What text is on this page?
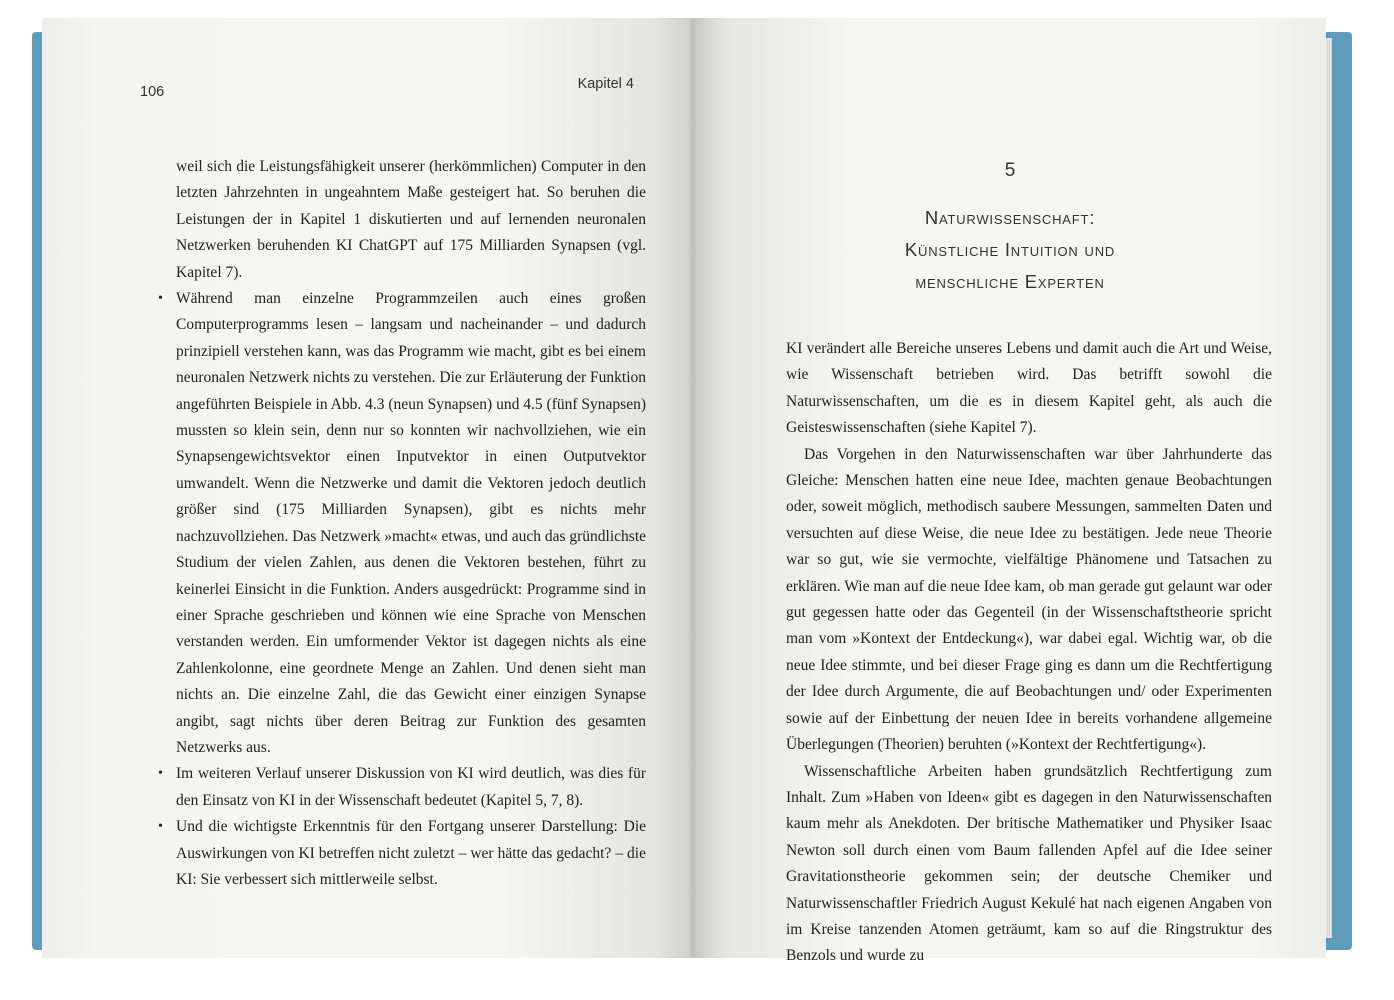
106	Kapitel 4

weil sich die Leistungsfähigkeit unserer (herkömmlichen) Computer in den letzten Jahrzehnten in ungeahntem Maße gesteigert hat. So beruhen die Leistungen der in Kapitel 1 diskutierten und auf lernenden neuronalen Netzwerken beruhenden KI ChatGPT auf 175 Milliarden Synapsen (vgl. Kapitel 7).

• Während man einzelne Programmzeilen auch eines großen Computerprogramms lesen – langsam und nacheinander – und dadurch prinzipiell verstehen kann, was das Programm wie macht, gibt es bei einem neuronalen Netzwerk nichts zu verstehen. Die zur Erläuterung der Funktion angeführten Beispiele in Abb. 4.3 (neun Synapsen) und 4.5 (fünf Synapsen) mussten so klein sein, denn nur so konnten wir nachvollziehen, wie ein Synapsengewichtsvektor einen Inputvektor in einen Outputvektor umwandelt. Wenn die Netzwerke und damit die Vektoren jedoch deutlich größer sind (175 Milliarden Synapsen), gibt es nichts mehr nachzuvollziehen. Das Netzwerk »macht« etwas, und auch das gründlichste Studium der vielen Zahlen, aus denen die Vektoren bestehen, führt zu keinerlei Einsicht in die Funktion. Anders ausgedrückt: Programme sind in einer Sprache geschrieben und können wie eine Sprache von Menschen verstanden werden. Ein umformender Vektor ist dagegen nichts als eine Zahlenkolonne, eine geordnete Menge an Zahlen. Und denen sieht man nichts an. Die einzelne Zahl, die das Gewicht einer einzigen Synapse angibt, sagt nichts über deren Beitrag zur Funktion des gesamten Netzwerks aus.
• Im weiteren Verlauf unserer Diskussion von KI wird deutlich, was dies für den Einsatz von KI in der Wissenschaft bedeutet (Kapitel 5, 7, 8).
• Und die wichtigste Erkenntnis für den Fortgang unserer Darstellung: Die Auswirkungen von KI betreffen nicht zuletzt – wer hätte das gedacht? – die KI: Sie verbessert sich mittlerweile selbst.
5
Naturwissenschaft:
Künstliche Intuition und
menschliche Experten

KI verändert alle Bereiche unseres Lebens und damit auch die Art und Weise, wie Wissenschaft betrieben wird. Das betrifft sowohl die Naturwissenschaften, um die es in diesem Kapitel geht, als auch die Geisteswissenschaften (siehe Kapitel 7).

Das Vorgehen in den Naturwissenschaften war über Jahrhunderte das Gleiche: Menschen hatten eine neue Idee, machten genaue Beobachtungen oder, soweit möglich, methodisch saubere Messungen, sammelten Daten und versuchten auf diese Weise, die neue Idee zu bestätigen. Jede neue Theorie war so gut, wie sie vermochte, vielfältige Phänomene und Tatsachen zu erklären. Wie man auf die neue Idee kam, ob man gerade gut gelaunt war oder gut gegessen hatte oder das Gegenteil (in der Wissenschaftstheorie spricht man vom »Kontext der Entdeckung«), war dabei egal. Wichtig war, ob die neue Idee stimmte, und bei dieser Frage ging es dann um die Rechtfertigung der Idee durch Argumente, die auf Beobachtungen und/ oder Experimenten sowie auf der Einbettung der neuen Idee in bereits vorhandene allgemeine Überlegungen (Theorien) beruhten (»Kontext der Rechtfertigung«).

Wissenschaftliche Arbeiten haben grundsätzlich Rechtfertigung zum Inhalt. Zum »Haben von Ideen« gibt es dagegen in den Naturwissenschaften kaum mehr als Anekdoten. Der britische Mathematiker und Physiker Isaac Newton soll durch einen vom Baum fallenden Apfel auf die Idee seiner Gravitationstheorie gekommen sein; der deutsche Chemiker und Naturwissenschaftler Friedrich August Kekulé hat nach eigenen Angaben von im Kreise tanzenden Atomen geträumt, kam so auf die Ringstruktur des Benzols und wurde zu
